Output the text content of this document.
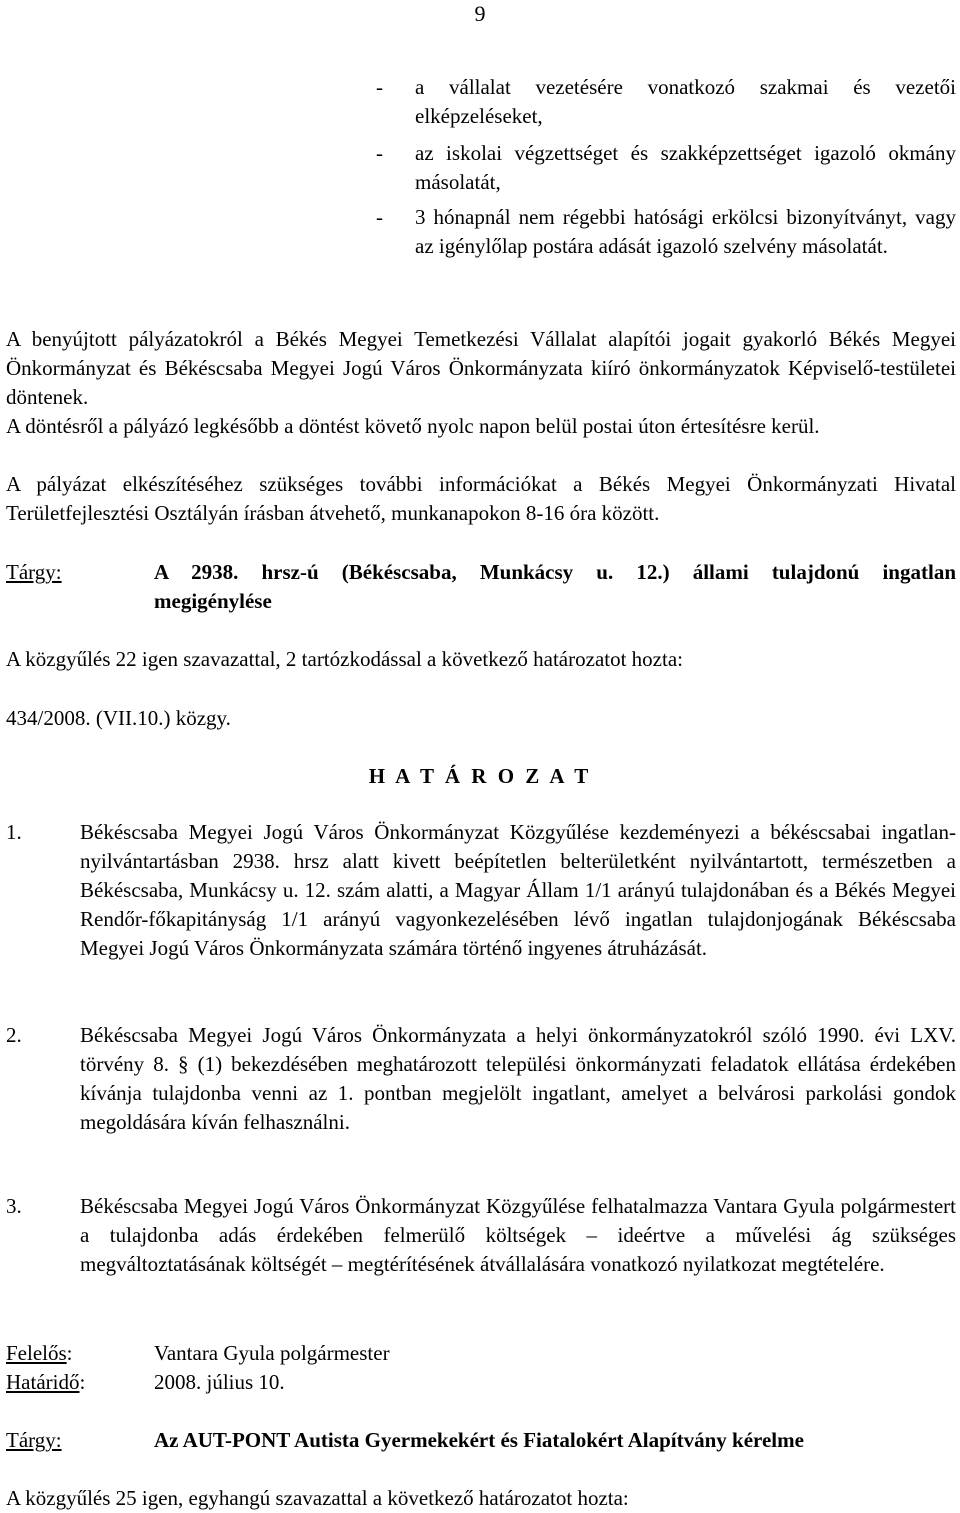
9
- a vállalat vezetésére vonatkozó szakmai és vezetői elképzeléseket,
- az iskolai végzettséget és szakképzettséget igazoló okmány másolatát,
- 3 hónapnál nem régebbi hatósági erkölcsi bizonyítványt, vagy az igénylőlap postára adását igazoló szelvény másolatát.
A benyújtott pályázatokról a Békés Megyei Temetkezési Vállalat alapítói jogait gyakorló Békés Megyei Önkormányzat és Békéscsaba Megyei Jogú Város Önkormányzata kiíró önkormányzatok Képviselő-testületei döntenek.
A döntésről a pályázó legkésőbb a döntést követő nyolc napon belül postai úton értesítésre kerül.
A pályázat elkészítéséhez szükséges további információkat a Békés Megyei Önkormányzati Hivatal Területfejlesztési Osztályán írásban átvehető, munkanapokon 8-16 óra között.
Tárgy:	A 2938. hrsz-ú (Békéscsaba, Munkácsy u. 12.) állami tulajdonú ingatlan
megigénylése
A közgyűlés 22 igen szavazattal, 2 tartózkodással a következő határozatot hozta:
434/2008. (VII.10.) közgy.
H A T Á R O Z A T
1.	Békéscsaba Megyei Jogú Város Önkormányzat Közgyűlése kezdeményezi a békéscsabai ingatlan-nyilvántartásban 2938. hrsz alatt kivett beépítetlen belterületként nyilvántartott, természetben a Békéscsaba, Munkácsy u. 12. szám alatti, a Magyar Állam 1/1 arányú tulajdonában és a Békés Megyei Rendőr-főkapitányság 1/1 arányú vagyonkezelésében lévő ingatlan tulajdonjogának Békéscsaba Megyei Jogú Város Önkormányzata számára történő ingyenes átruházását.
2.	Békéscsaba Megyei Jogú Város Önkormányzata a helyi önkormányzatokról szóló 1990. évi LXV. törvény 8. § (1) bekezdésében meghatározott települési önkormányzati feladatok ellátása érdekében kívánja tulajdonba venni az 1. pontban megjelölt ingatlant, amelyet a belvárosi parkolási gondok megoldására kíván felhasználni.
3.	Békéscsaba Megyei Jogú Város Önkormányzat Közgyűlése felhatalmazza Vantara Gyula polgármestert a tulajdonba adás érdekében felmerülő költségek – ideértve a művelési ág szükséges megváltoztatásának költségét – megtérítésének átvállalására vonatkozó nyilatkozat megtételére.
Felelős:	Vantara Gyula polgármester
Határidő:	2008. július 10.
Tárgy:	Az AUT-PONT Autista Gyermekekért és Fiatalokért Alapítvány kérelme
A közgyűlés 25 igen, egyhangú szavazattal a következő határozatot hozta:
